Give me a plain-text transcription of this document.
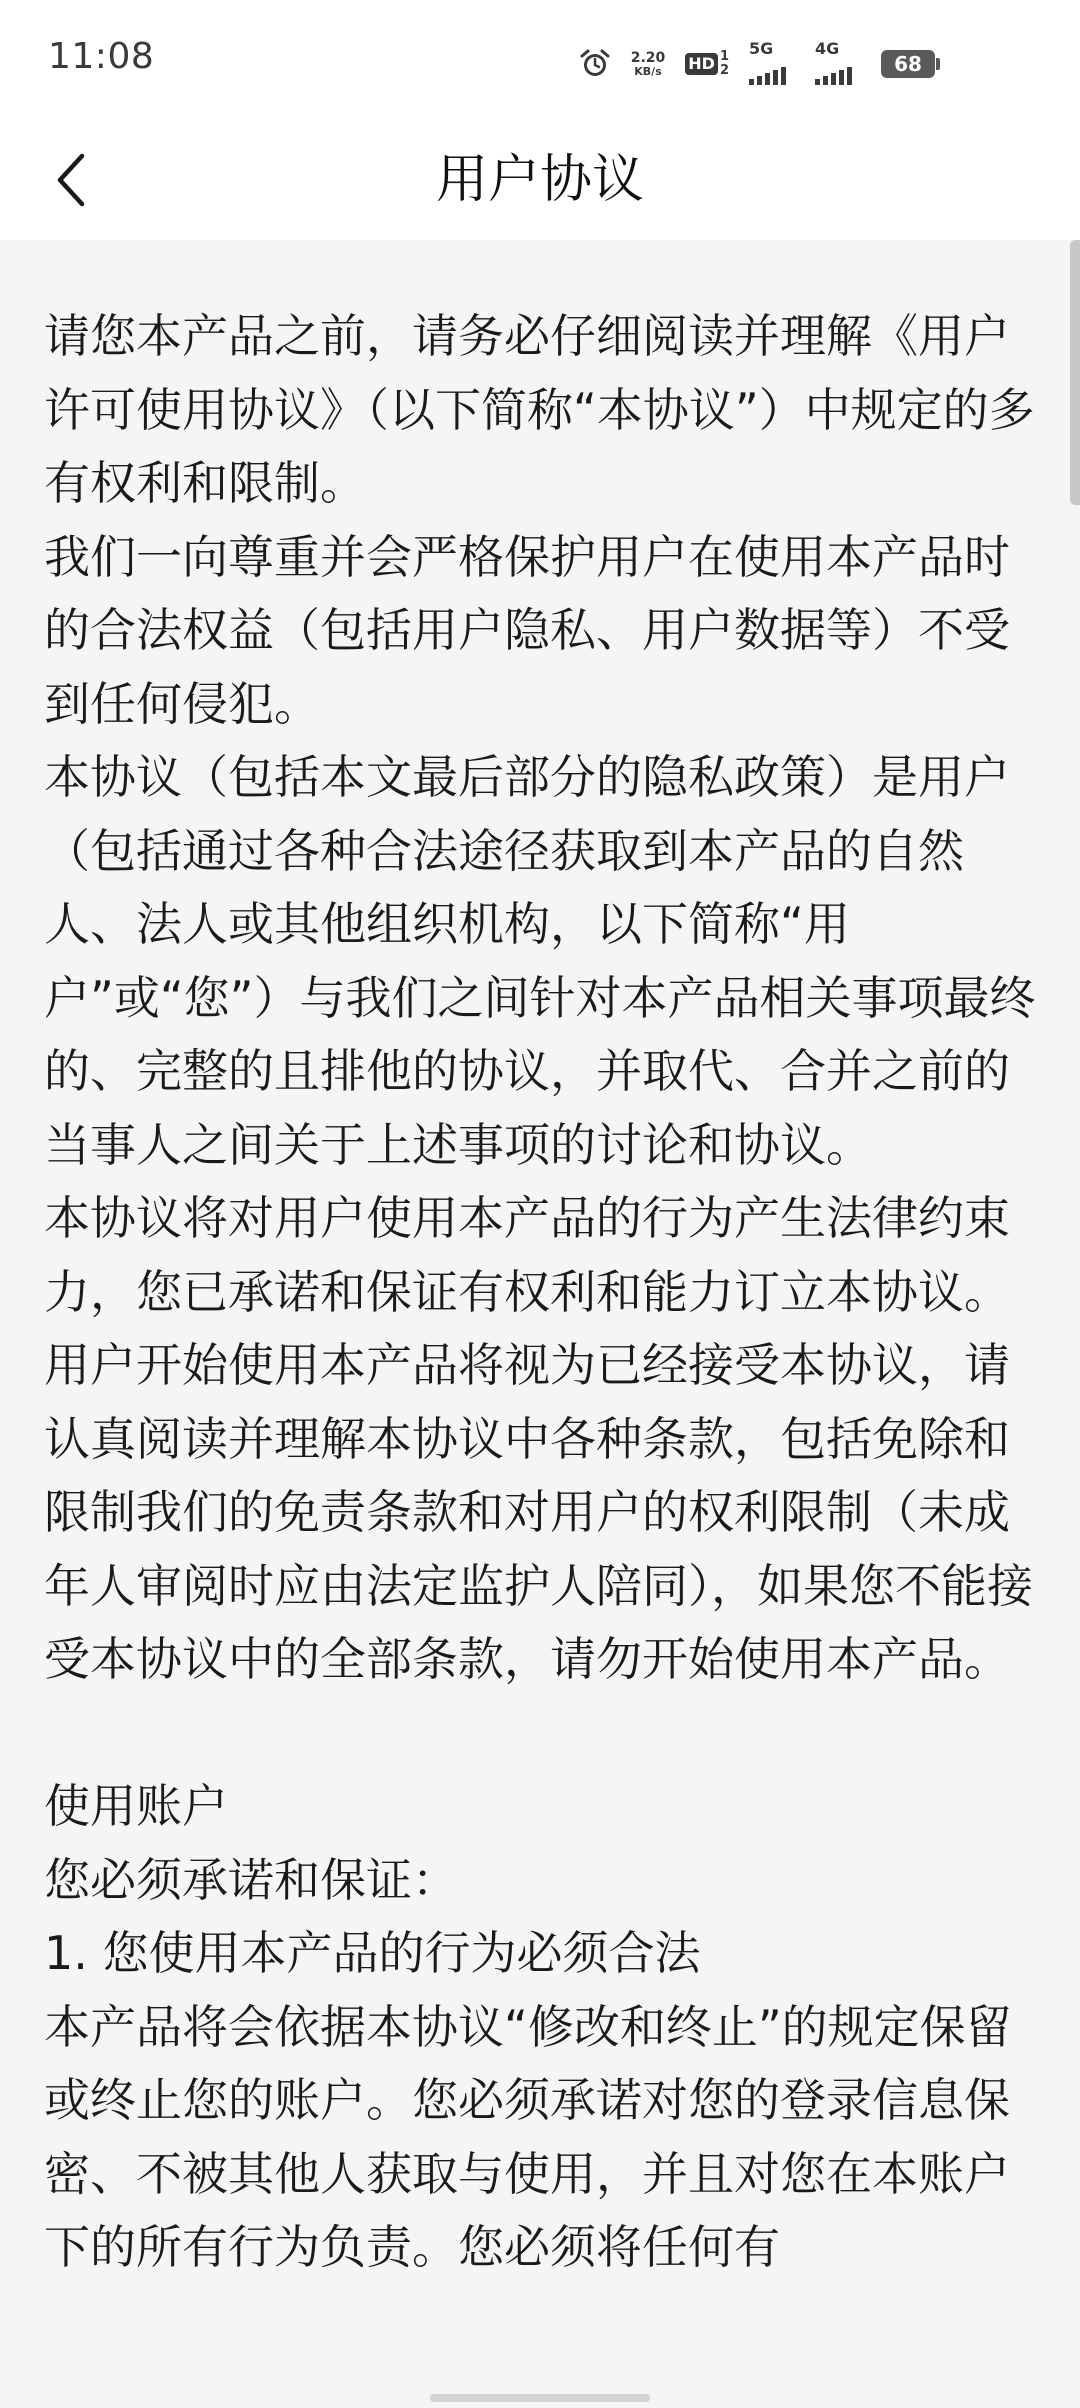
11:08	2.20
KB/s HD 1
2
5G	4G
68
用户协议

请您本产品之前，请务必仔细阅读并理解《用户许可使用协议》（以下简称“本协议”）中规定的多有权利和限制。

我们一向尊重并会严格保护用户在使用本产品时的合法权益（包括用户隐私、用户数据等）不受到任何侵犯。

本协议（包括本文最后部分的隐私政策）是用户（包括通过各种合法途径获取到本产品的自然人、法人或其他组织机构，以下简称“用户”或“您”）与我们之间针对本产品相关事项最终的、完整的且排他的协议，并取代、合并之前的当事人之间关于上述事项的讨论和协议。

本协议将对用户使用本产品的行为产生法律约束力，您已承诺和保证有权利和能力订立本协议。用户开始使用本产品将视为已经接受本协议，请认真阅读并理解本协议中各种条款，包括免除和限制我们的免责条款和对用户的权利限制（未成年人审阅时应由法定监护人陪同），如果您不能接受本协议中的全部条款，请勿开始使用本产品。

使用账户

您必须承诺和保证：

1. 您使用本产品的行为必须合法

本产品将会依据本协议“修改和终止”的规定保留或终止您的账户。您必须承诺对您的登录信息保密、不被其他人获取与使用，并且对您在本账户下的所有行为负责。您必须将任何有
